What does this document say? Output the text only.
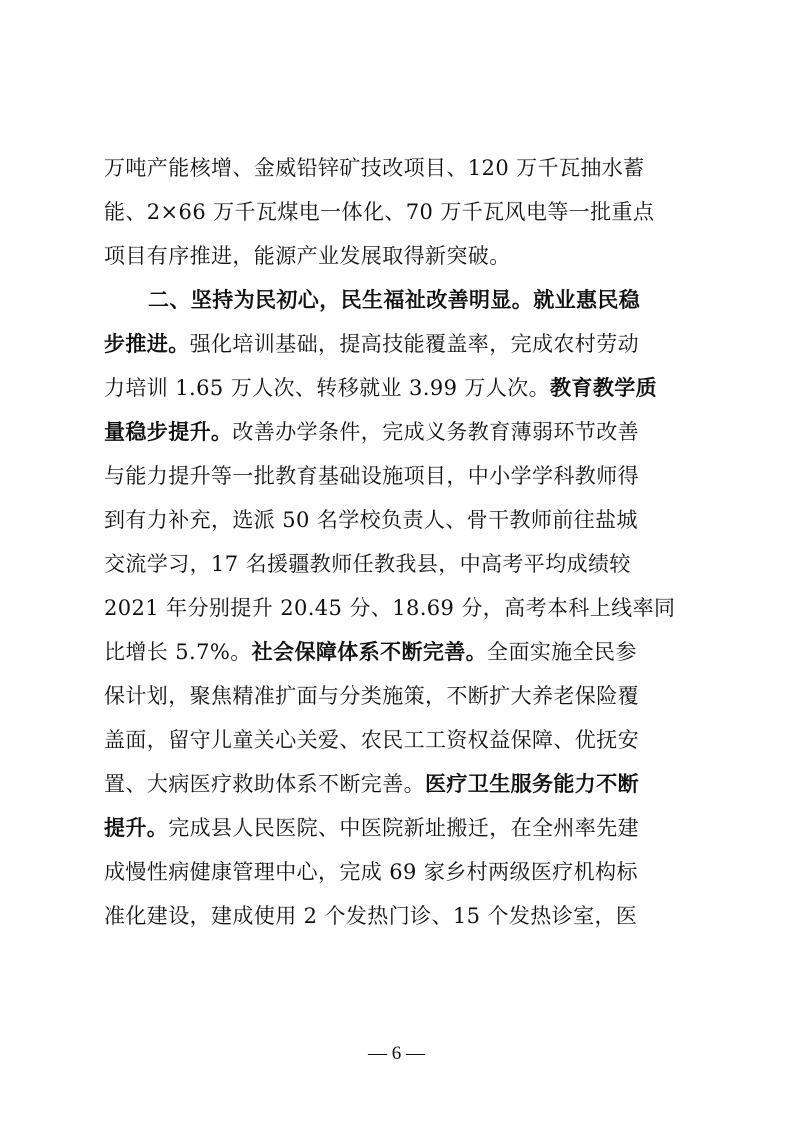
万吨产能核增、金威铅锌矿技改项目、120 万千瓦抽水蓄
能、2×66 万千瓦煤电一体化、70 万千瓦风电等一批重点
项目有序推进，能源产业发展取得新突破。
二、坚持为民初心，民生福祉改善明显。就业惠民稳
步推进。强化培训基础，提高技能覆盖率，完成农村劳动
力培训 1.65 万人次、转移就业 3.99 万人次。教育教学质
量稳步提升。改善办学条件，完成义务教育薄弱环节改善
与能力提升等一批教育基础设施项目，中小学学科教师得
到有力补充，选派 50 名学校负责人、骨干教师前往盐城
交流学习，17 名援疆教师任教我县，中高考平均成绩较
2021 年分别提升 20.45 分、18.69 分，高考本科上线率同
比增长 5.7%。社会保障体系不断完善。全面实施全民参
保计划，聚焦精准扩面与分类施策，不断扩大养老保险覆
盖面，留守儿童关心关爱、农民工工资权益保障、优抚安
置、大病医疗救助体系不断完善。医疗卫生服务能力不断
提升。完成县人民医院、中医院新址搬迁，在全州率先建
成慢性病健康管理中心，完成 69 家乡村两级医疗机构标
准化建设，建成使用 2 个发热门诊、15 个发热诊室，医
— 6 —
